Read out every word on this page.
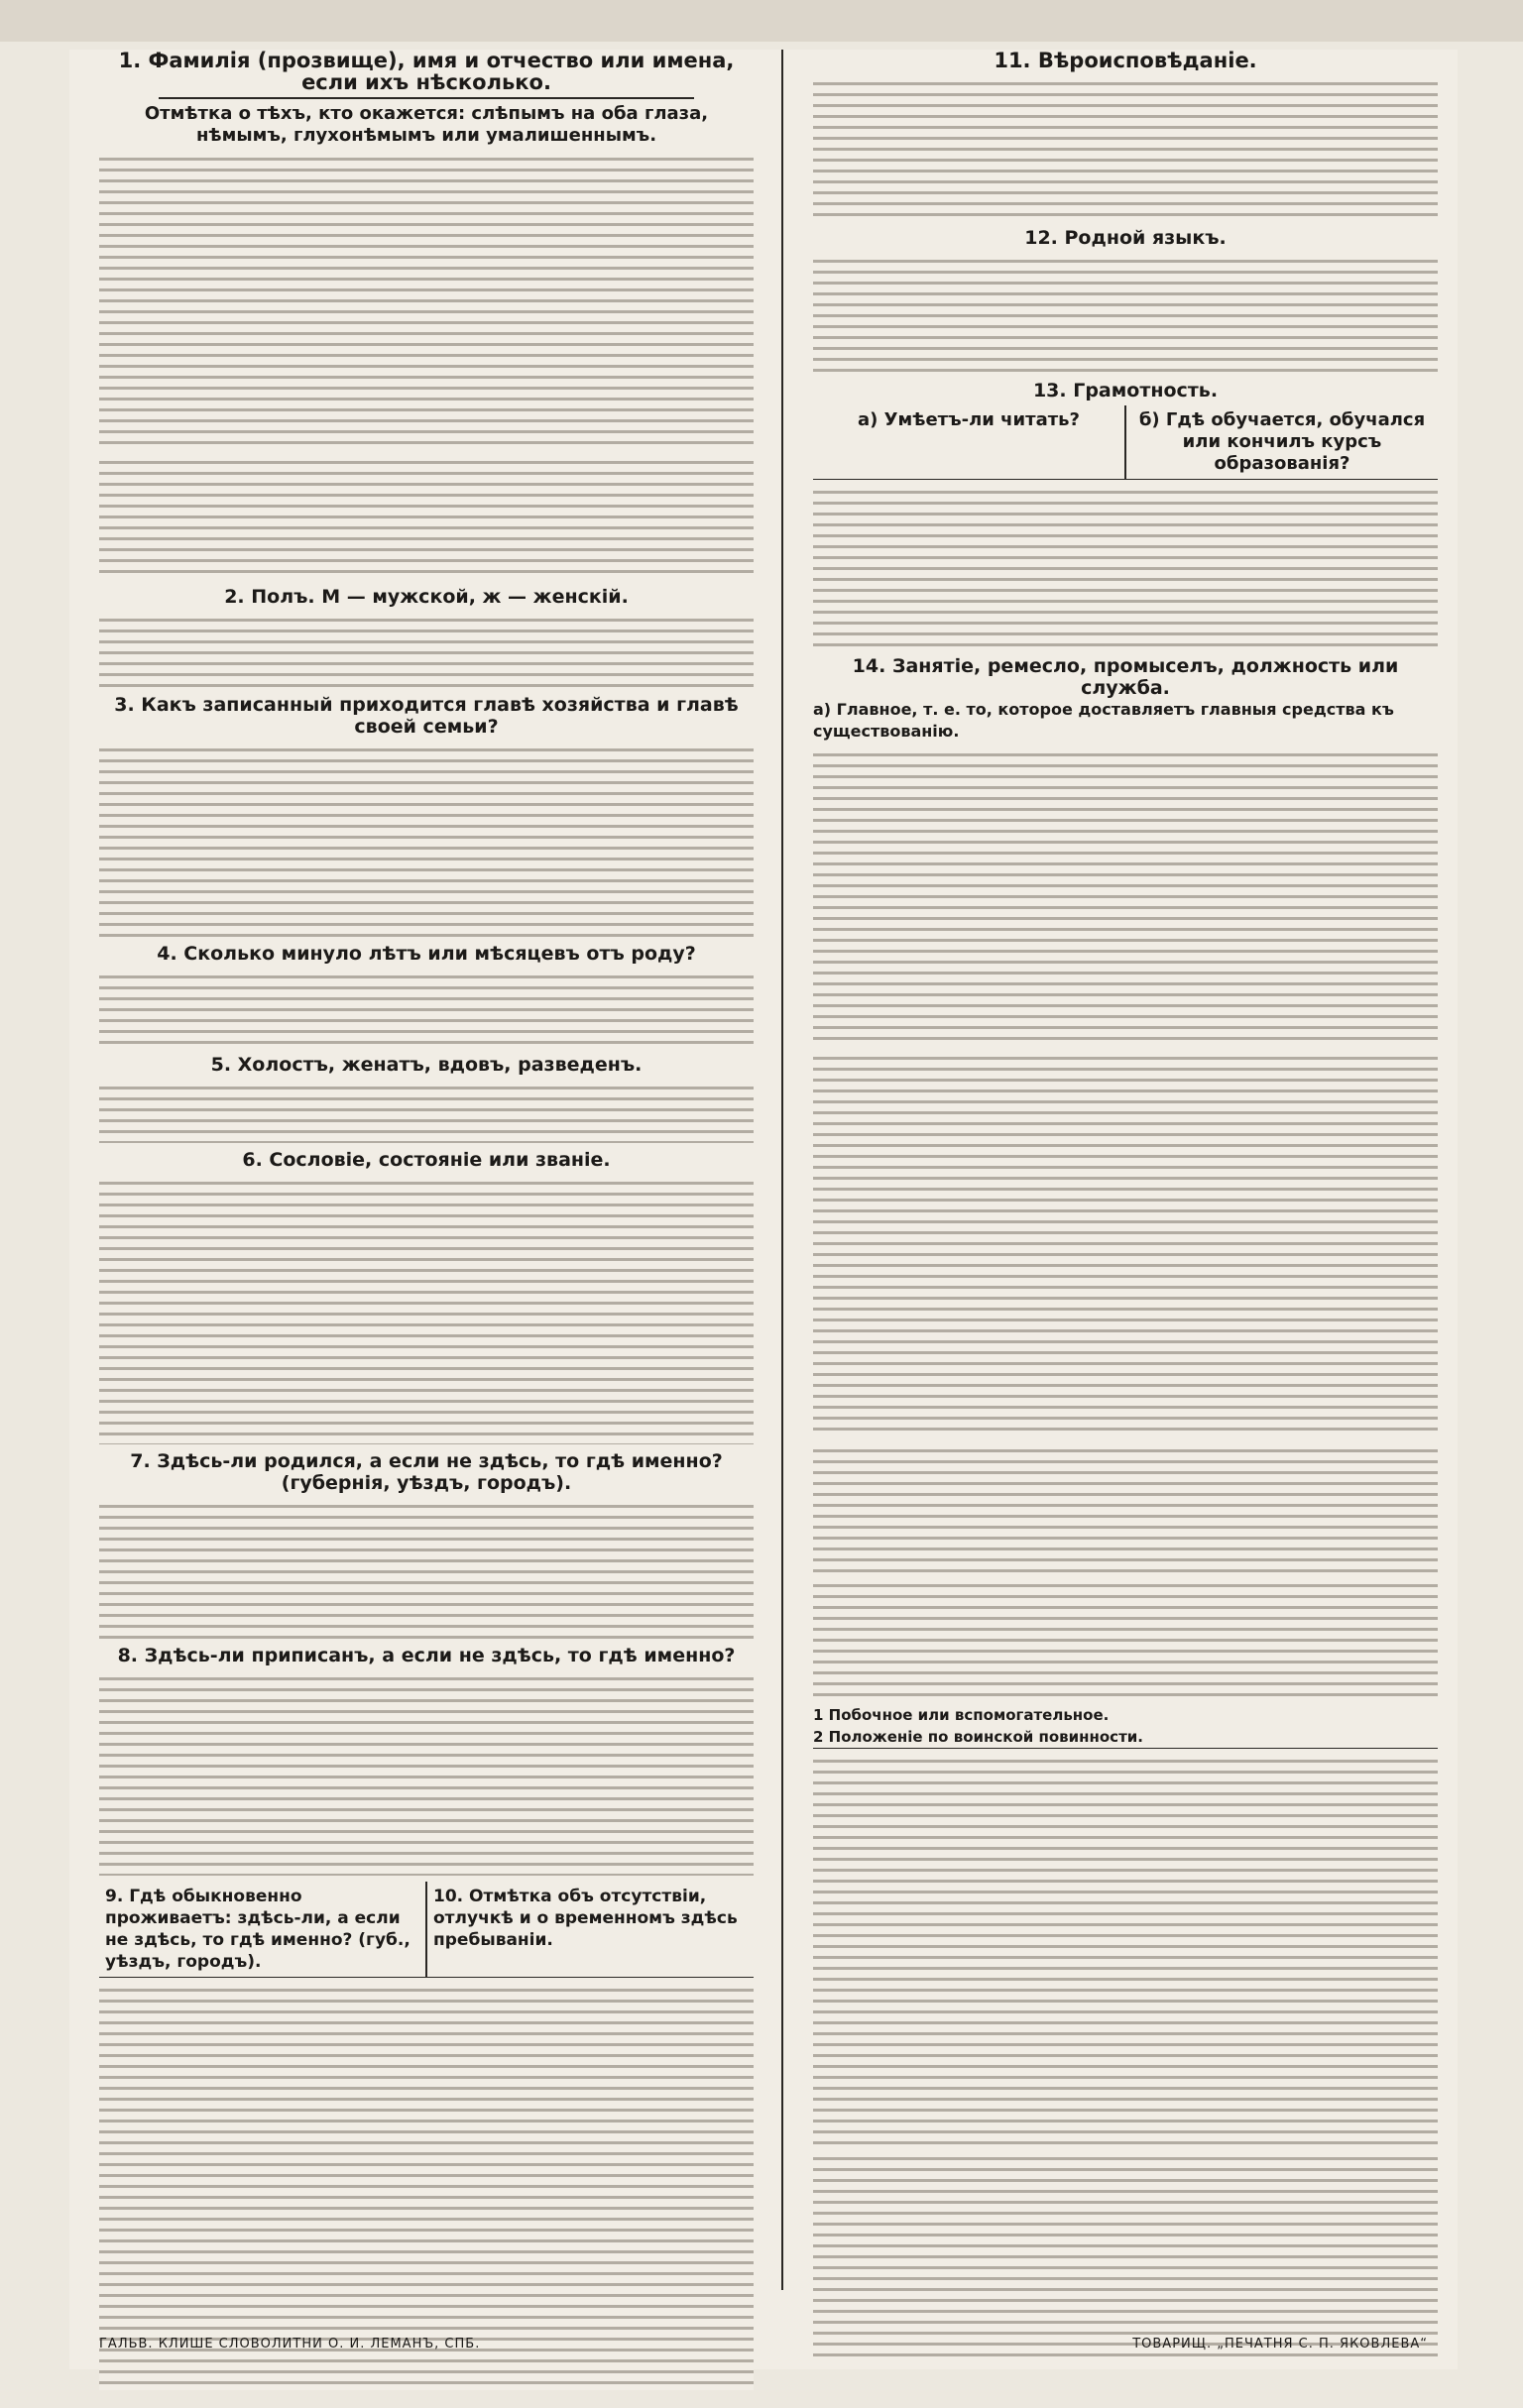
1. Фамилія (прозвище), имя и отчество или имена, если ихъ нѣсколько.

Отмѣтка о тѣхъ, кто окажется: слѣпымъ на оба глаза, нѣмымъ, глухонѣмымъ или умалишеннымъ.

2. Полъ. М — мужской, ж — женскій.

3. Какъ записанный приходится главѣ хозяйства и главѣ своей семьи?

4. Сколько минуло лѣтъ или мѣсяцевъ отъ роду?

5. Холостъ, женатъ, вдовъ, разведенъ.

6. Сословіе, состояніе или званіе.

7. Здѣсь-ли родился, а если не здѣсь, то гдѣ именно? (губернія, уѣздъ, городъ).

8. Здѣсь-ли приписанъ, а если не здѣсь, то гдѣ именно?

9. Гдѣ обыкновенно проживаетъ: здѣсь-ли, а если не здѣсь, то гдѣ именно? (губ., уѣздъ, городъ).

10. Отмѣтка объ отсутствіи, отлучкѣ и о временномъ здѣсь пребываніи.

11. Вѣроисповѣданіе.

12. Родной языкъ.

13. Грамотность.

а) Умѣетъ-ли читать?	б) Гдѣ обучается, обучался или кончилъ курсъ образованія?

14. Занятіе, ремесло, промыселъ, должность или служба.

а) Главное, т. е. то, которое доставляетъ главныя средства къ существованію.

1 Побочное или вспомогательное.

2 Положеніе по воинской повинности.

ГАЛЬВ. КЛИШЕ СЛОВОЛИТНИ О. И. ЛЕМАНЪ, СПБ.	ТОВАРИЩ. „ПЕЧАТНЯ С. П. ЯКОВЛЕВА“
